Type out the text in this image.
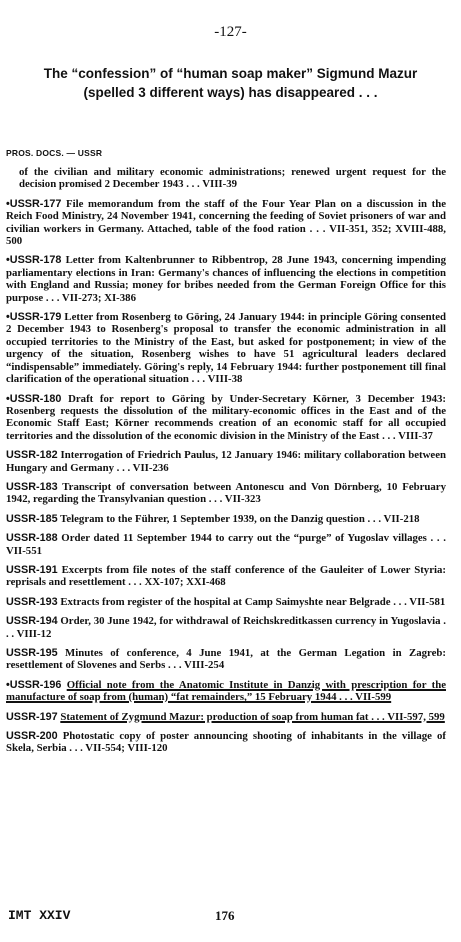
-127-
The “confession” of “human soap maker” Sigmund Mazur (spelled 3 different ways) has disappeared . . .
PROS. DOCS. — USSR
of the civilian and military economic administrations; renewed urgent request for the decision promised 2 December 1943 . . . VIII-39
•USSR-177 File memorandum from the staff of the Four Year Plan on a discussion in the Reich Food Ministry, 24 November 1941, concerning the feeding of Soviet prisoners of war and civilian workers in Germany. Attached, table of the food ration . . . VII-351, 352; XVIII-488, 500
•USSR-178 Letter from Kaltenbrunner to Ribbentrop, 28 June 1943, concerning impending parliamentary elections in Iran: Germany's chances of influencing the elections in competition with England and Russia; money for bribes needed from the German Foreign Office for this purpose . . . VII-273; XI-386
•USSR-179 Letter from Rosenberg to Göring, 24 January 1944: in principle Göring consented 2 December 1943 to Rosenberg's proposal to transfer the economic administration in all occupied territories to the Ministry of the East, but asked for postponement; in view of the urgency of the situation, Rosenberg wishes to have 51 agricultural leaders declared “indispensable” immediately. Göring's reply, 14 February 1944: further postponement till final clarification of the operational situation . . . VIII-38
•USSR-180 Draft for report to Göring by Under-Secretary Körner, 3 December 1943: Rosenberg requests the dissolution of the military-economic offices in the East and of the Economic Staff East; Körner recommends creation of an economic staff for all occupied territories and the dissolution of the economic division in the Ministry of the East . . . VIII-37
USSR-182 Interrogation of Friedrich Paulus, 12 January 1946: military collaboration between Hungary and Germany . . . VII-236
USSR-183 Transcript of conversation between Antonescu and Von Dörnberg, 10 February 1942, regarding the Transylvanian question . . . VII-323
USSR-185 Telegram to the Führer, 1 September 1939, on the Danzig question . . . VII-218
USSR-188 Order dated 11 September 1944 to carry out the “purge” of Yugoslav villages . . . VII-551
USSR-191 Excerpts from file notes of the staff conference of the Gauleiter of Lower Styria: reprisals and resettlement . . . XX-107; XXI-468
USSR-193 Extracts from register of the hospital at Camp Saimyshte near Belgrade . . . VII-581
USSR-194 Order, 30 June 1942, for withdrawal of Reichskreditkassen currency in Yugoslavia . . . VIII-12
USSR-195 Minutes of conference, 4 June 1941, at the German Legation in Zagreb: resettlement of Slovenes and Serbs . . . VIII-254
•USSR-196 Official note from the Anatomic Institute in Danzig with prescription for the manufacture of soap from (human) “fat remainders,” 15 February 1944 . . . VII-599
USSR-197 Statement of Zygmund Mazur: production of soap from human fat . . . VII-597, 599
USSR-200 Photostatic copy of poster announcing shooting of inhabitants in the village of Skela, Serbia . . . VII-554; VIII-120
IMT XXIV	176
